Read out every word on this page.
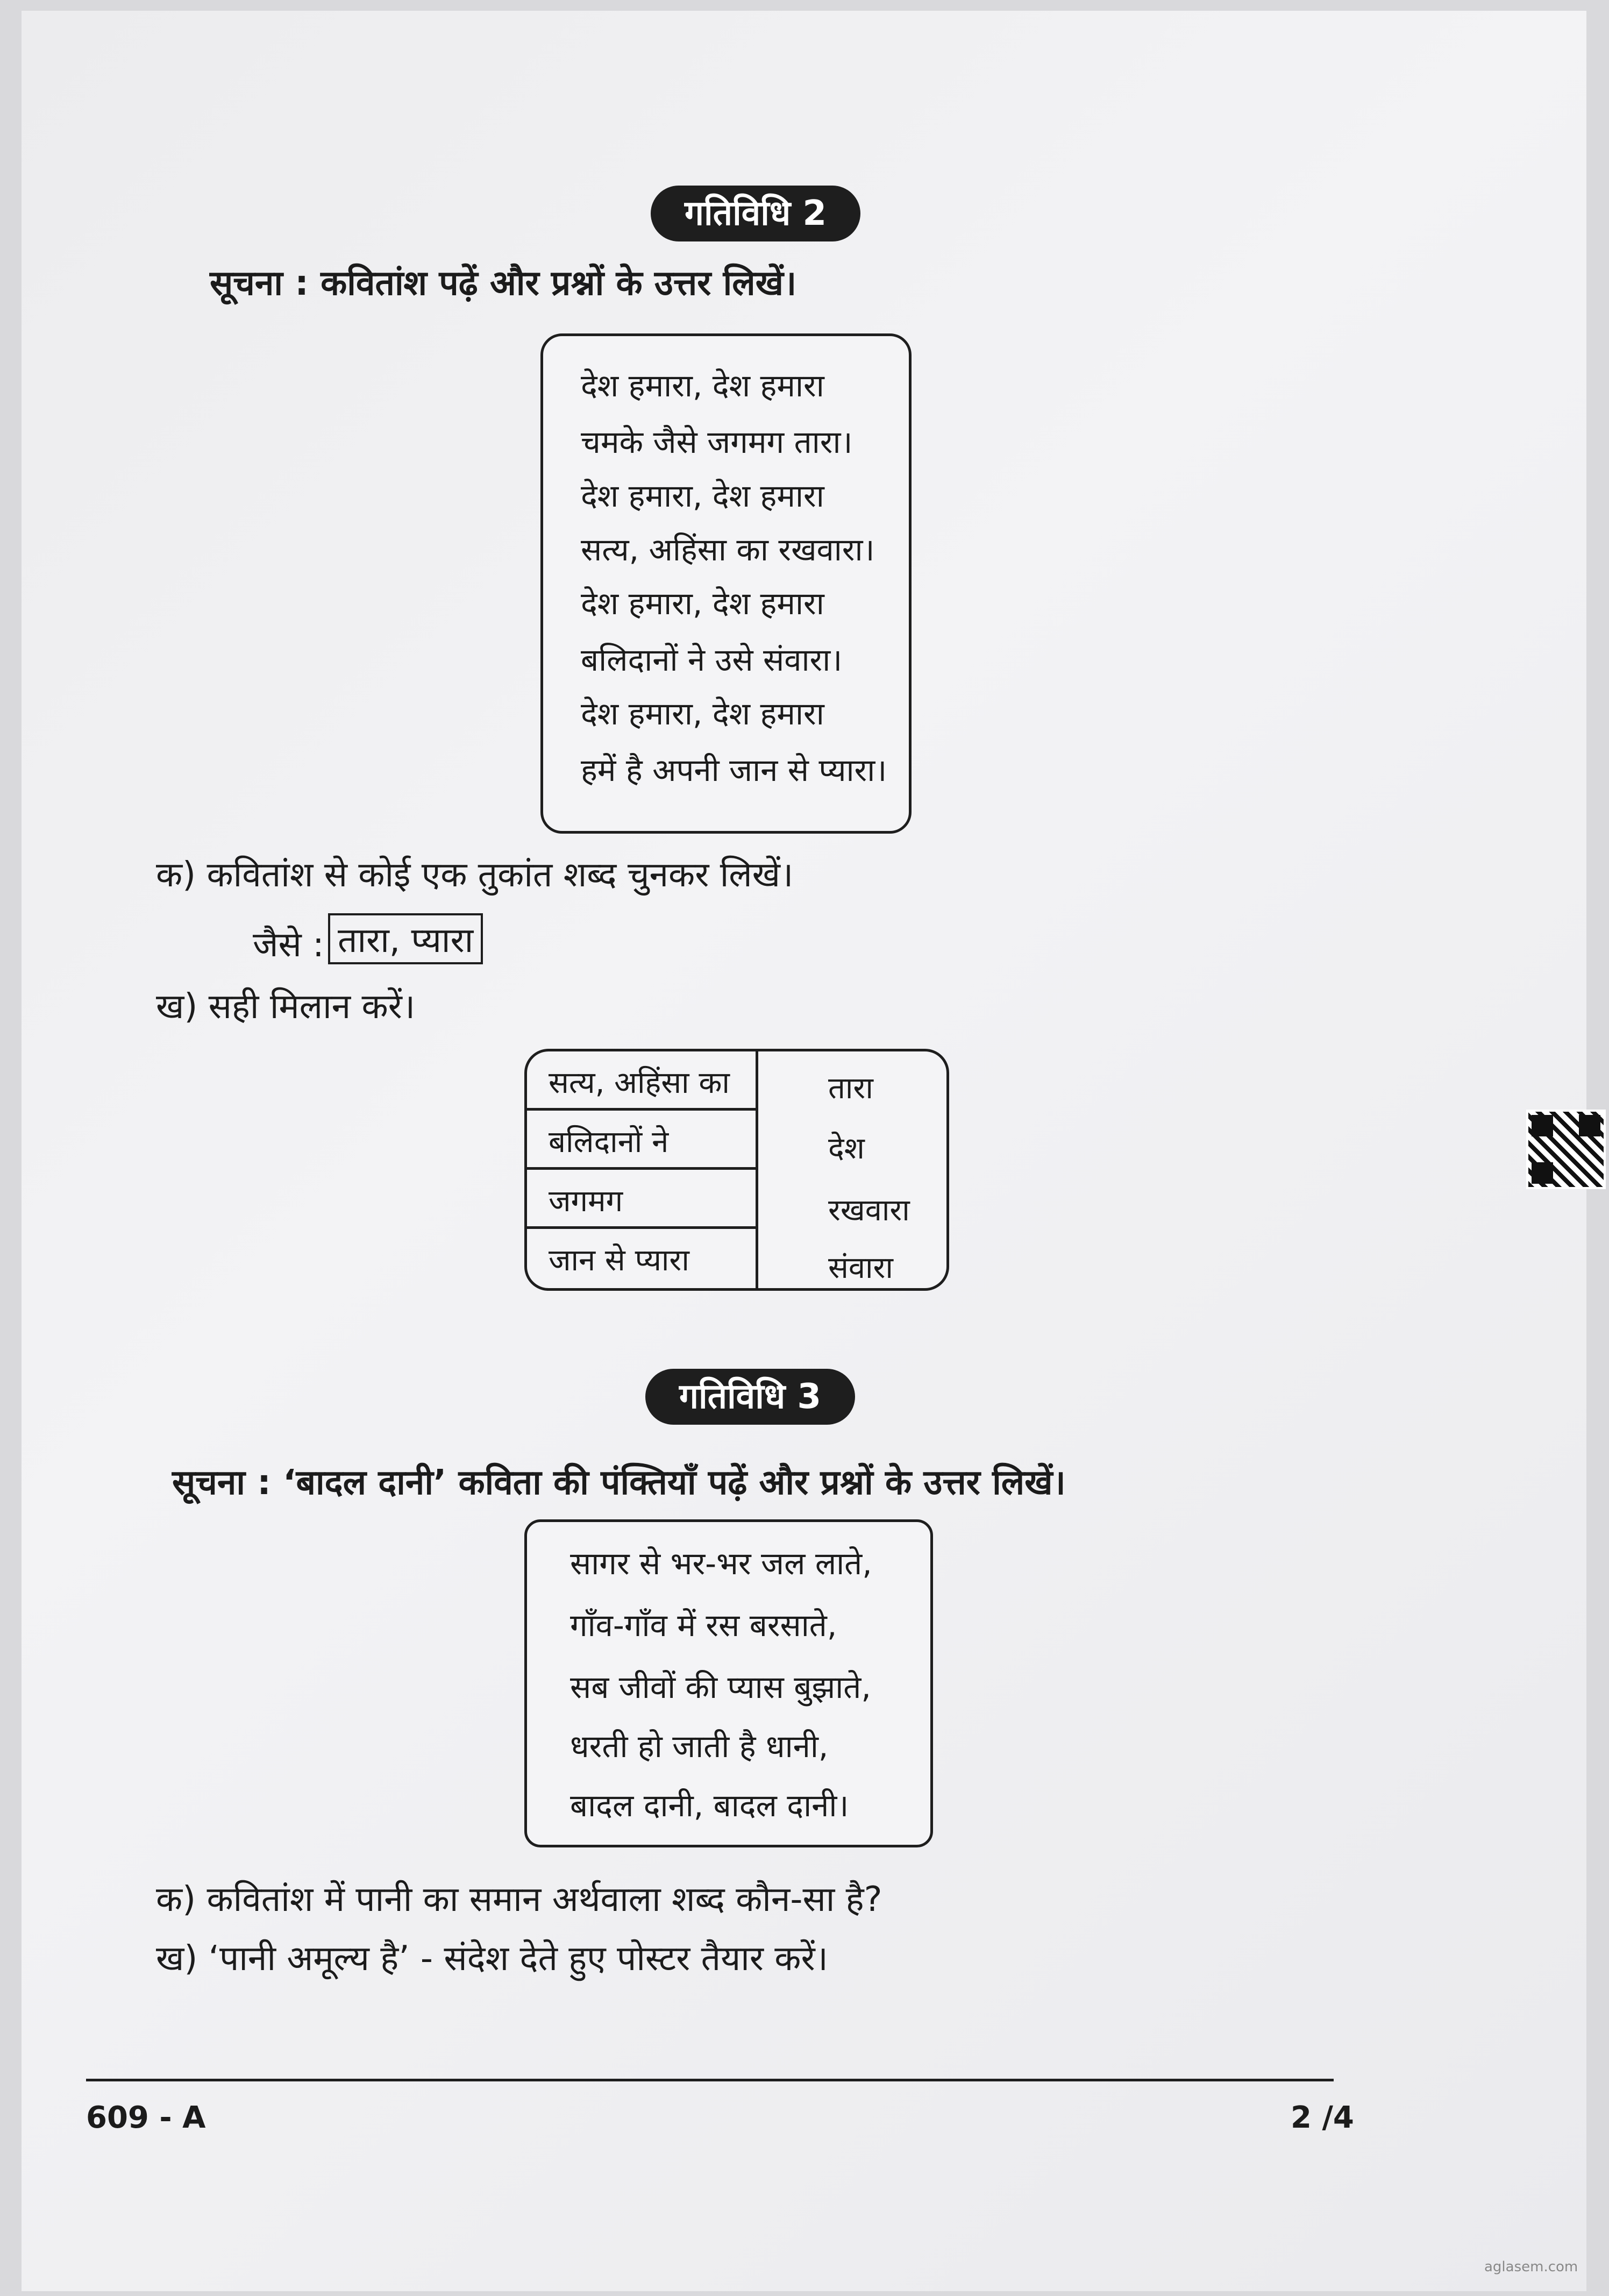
गतिविधि 2
सूचना : कवितांश पढ़ें और प्रश्नों के उत्तर लिखें।
देश हमारा, देश हमारा
चमके जैसे जगमग तारा।
देश हमारा, देश हमारा
सत्य, अहिंसा का रखवारा।
देश हमारा, देश हमारा
बलिदानों ने उसे संवारा।
देश हमारा, देश हमारा
हमें है अपनी जान से प्यारा।
क) कवितांश से कोई एक तुकांत शब्द चुनकर लिखें।
जैसे : तारा, प्यारा
ख) सही मिलान करें।
सत्य, अहिंसा का
बलिदानों ने
जगमग
जान से प्यारा
तारा
देश
रखवारा
संवारा
गतिविधि 3
सूचना : ‘बादल दानी’ कविता की पंक्तियाँ पढ़ें और प्रश्नों के उत्तर लिखें।
सागर से भर-भर जल लाते,
गाँव-गाँव में रस बरसाते,
सब जीवों की प्यास बुझाते,
धरती हो जाती है धानी,
बादल दानी, बादल दानी।
क) कवितांश में पानी का समान अर्थवाला शब्द कौन-सा है?
ख) ‘पानी अमूल्य है’ - संदेश देते हुए पोस्टर तैयार करें।
609 - A	2 /4
aglasem.com
